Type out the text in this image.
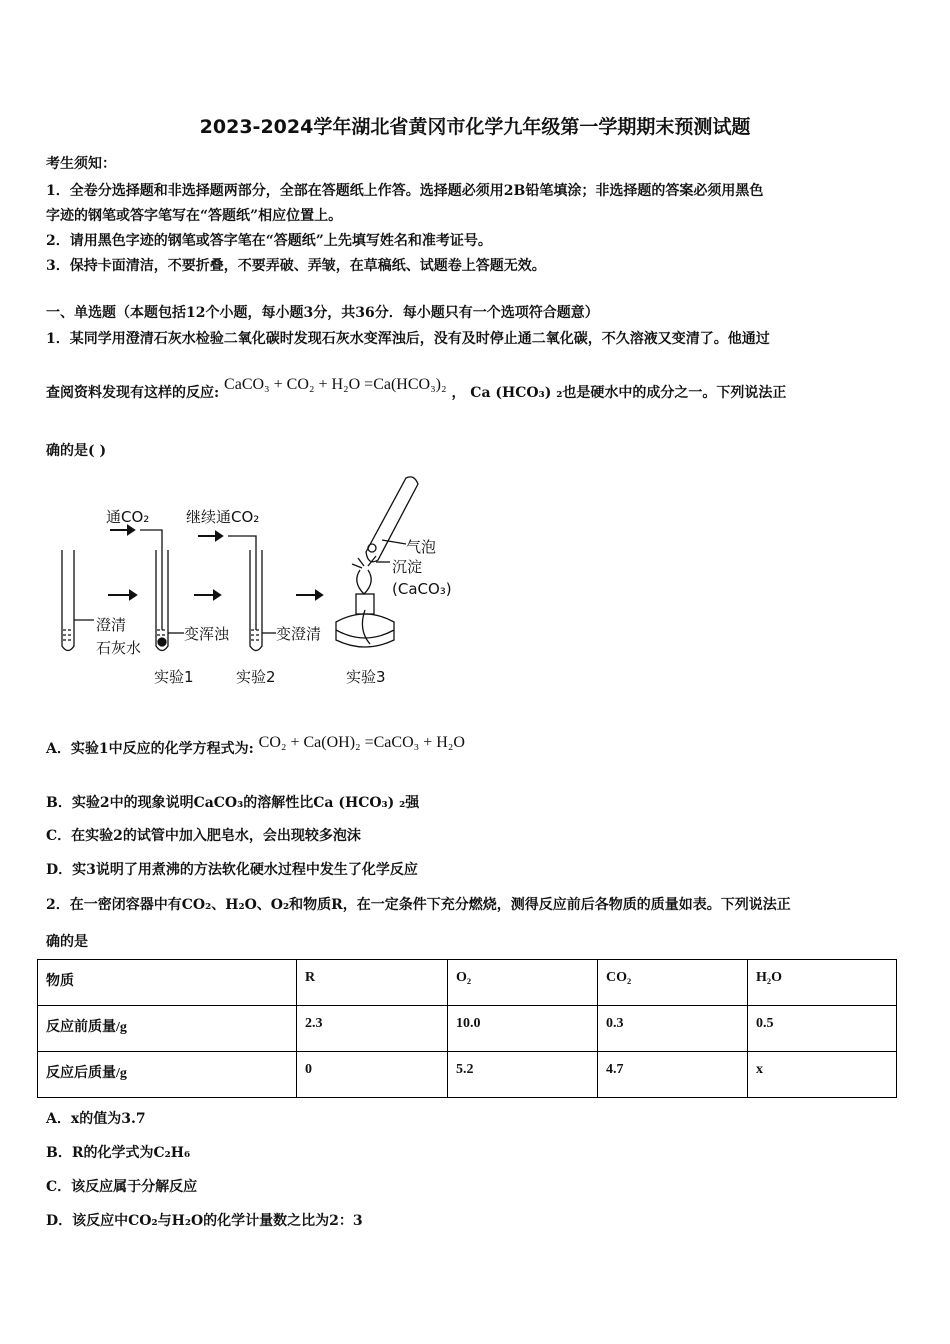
2023-2024学年湖北省黄冈市化学九年级第一学期期末预测试题
考生须知：
1．全卷分选择题和非选择题两部分，全部在答题纸上作答。选择题必须用2B铅笔填涂；非选择题的答案必须用黑色
字迹的钢笔或答字笔写在“答题纸”相应位置上。
2．请用黑色字迹的钢笔或答字笔在“答题纸”上先填写姓名和准考证号。
3．保持卡面清洁，不要折叠，不要弄破、弄皱，在草稿纸、试题卷上答题无效。
一、单选题（本题包括12个小题，每小题3分，共36分．每小题只有一个选项符合题意）
1．某同学用澄清石灰水检验二氧化碳时发现石灰水变浑浊后，没有及时停止通二氧化碳，不久溶液又变清了。他通过
查阅资料发现有这样的反应: CaCO₃ + CO₂ + H₂O =Ca(HCO₃)₂ ， Ca (HCO₃) ₂也是硬水中的成分之一。下列说法正
确的是( )
澄清
石灰水
通CO₂
变浑浊
实验1
继续通CO₂
变澄清
实验2
气泡
沉淀
(CaCO₃)
实验3
A．实验1中反应的化学方程式为: CO₂ + Ca(OH)₂ =CaCO₃ + H₂O
B．实验2中的现象说明CaCO₃的溶解性比Ca (HCO₃) ₂强
C．在实验2的试管中加入肥皂水，会出现较多泡沫
D．实3说明了用煮沸的方法软化硬水过程中发生了化学反应
2．在一密闭容器中有CO₂、H₂O、O₂和物质R，在一定条件下充分燃烧，测得反应前后各物质的质量如表。下列说法正
确的是
物质	R	O₂	CO₂	H₂O
反应前质量/g	2.3	10.0	0.3	0.5
反应后质量/g	0	5.2	4.7	x
A．x的值为3.7
B．R的化学式为C₂H₆
C．该反应属于分解反应
D．该反应中CO₂与H₂O的化学计量数之比为2：3
